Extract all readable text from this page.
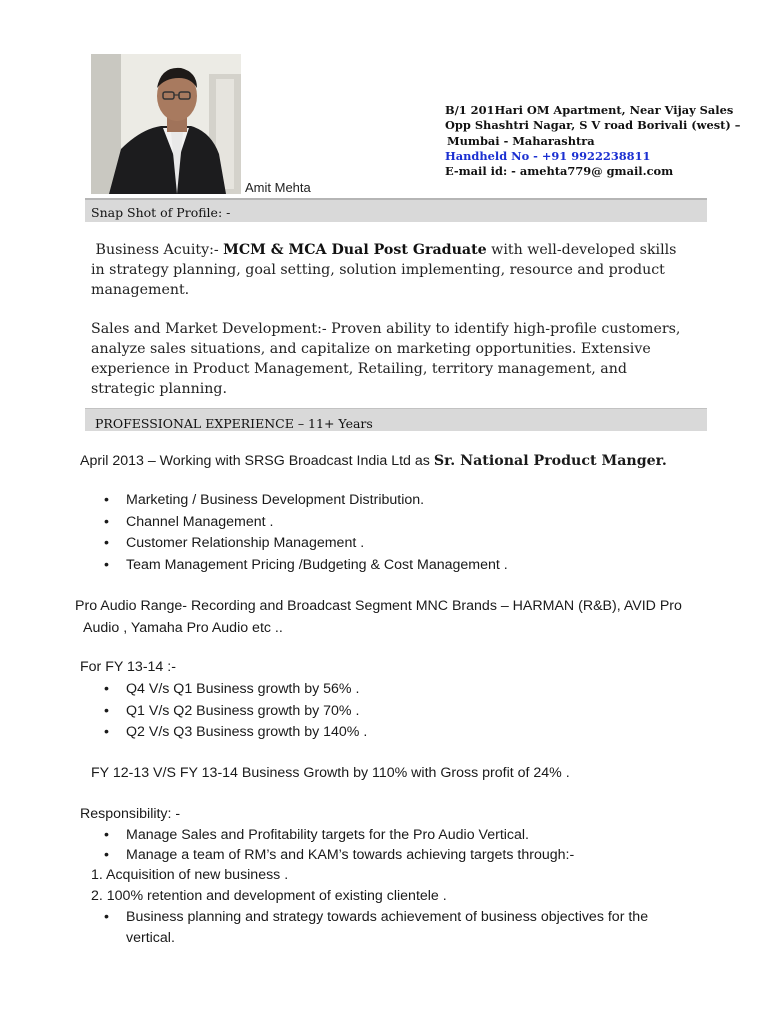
Amit Mehta
B/1 201Hari OM Apartment, Near Vijay Sales
Opp Shashtri Nagar, S V road Borivali (west) –
Mumbai - Maharashtra
Handheld No - +91 9922238811
E-mail id: - amehta779@ gmail.com
Snap Shot of Profile: -
Business Acuity:- MCM & MCA Dual Post Graduate with well-developed skills in strategy planning, goal setting, solution implementing, resource and product management.
Sales and Market Development:- Proven ability to identify high-profile customers, analyze sales situations, and capitalize on marketing opportunities. Extensive experience in Product Management, Retailing, territory management, and strategic planning.
PROFESSIONAL EXPERIENCE – 11+ Years
April 2013 – Working with SRSG Broadcast India Ltd as Sr. National Product Manger.
• Marketing / Business Development Distribution.
• Channel Management .
• Customer Relationship Management .
• Team Management Pricing /Budgeting & Cost Management .
Pro Audio Range- Recording and Broadcast Segment MNC Brands – HARMAN (R&B), AVID Pro
Audio , Yamaha Pro Audio etc ..
For FY 13-14 :-
• Q4 V/s Q1 Business growth by 56% .
• Q1 V/s Q2 Business growth by 70% .
• Q2 V/s Q3 Business growth by 140% .
FY 12-13 V/S FY 13-14 Business Growth by 110% with Gross profit of 24% .
Responsibility: -
• Manage Sales and Profitability targets for the Pro Audio Vertical.
• Manage a team of RM’s and KAM’s towards achieving targets through:-
1. Acquisition of new business .
2. 100% retention and development of existing clientele .
• Business planning and strategy towards achievement of business objectives for the
vertical.
